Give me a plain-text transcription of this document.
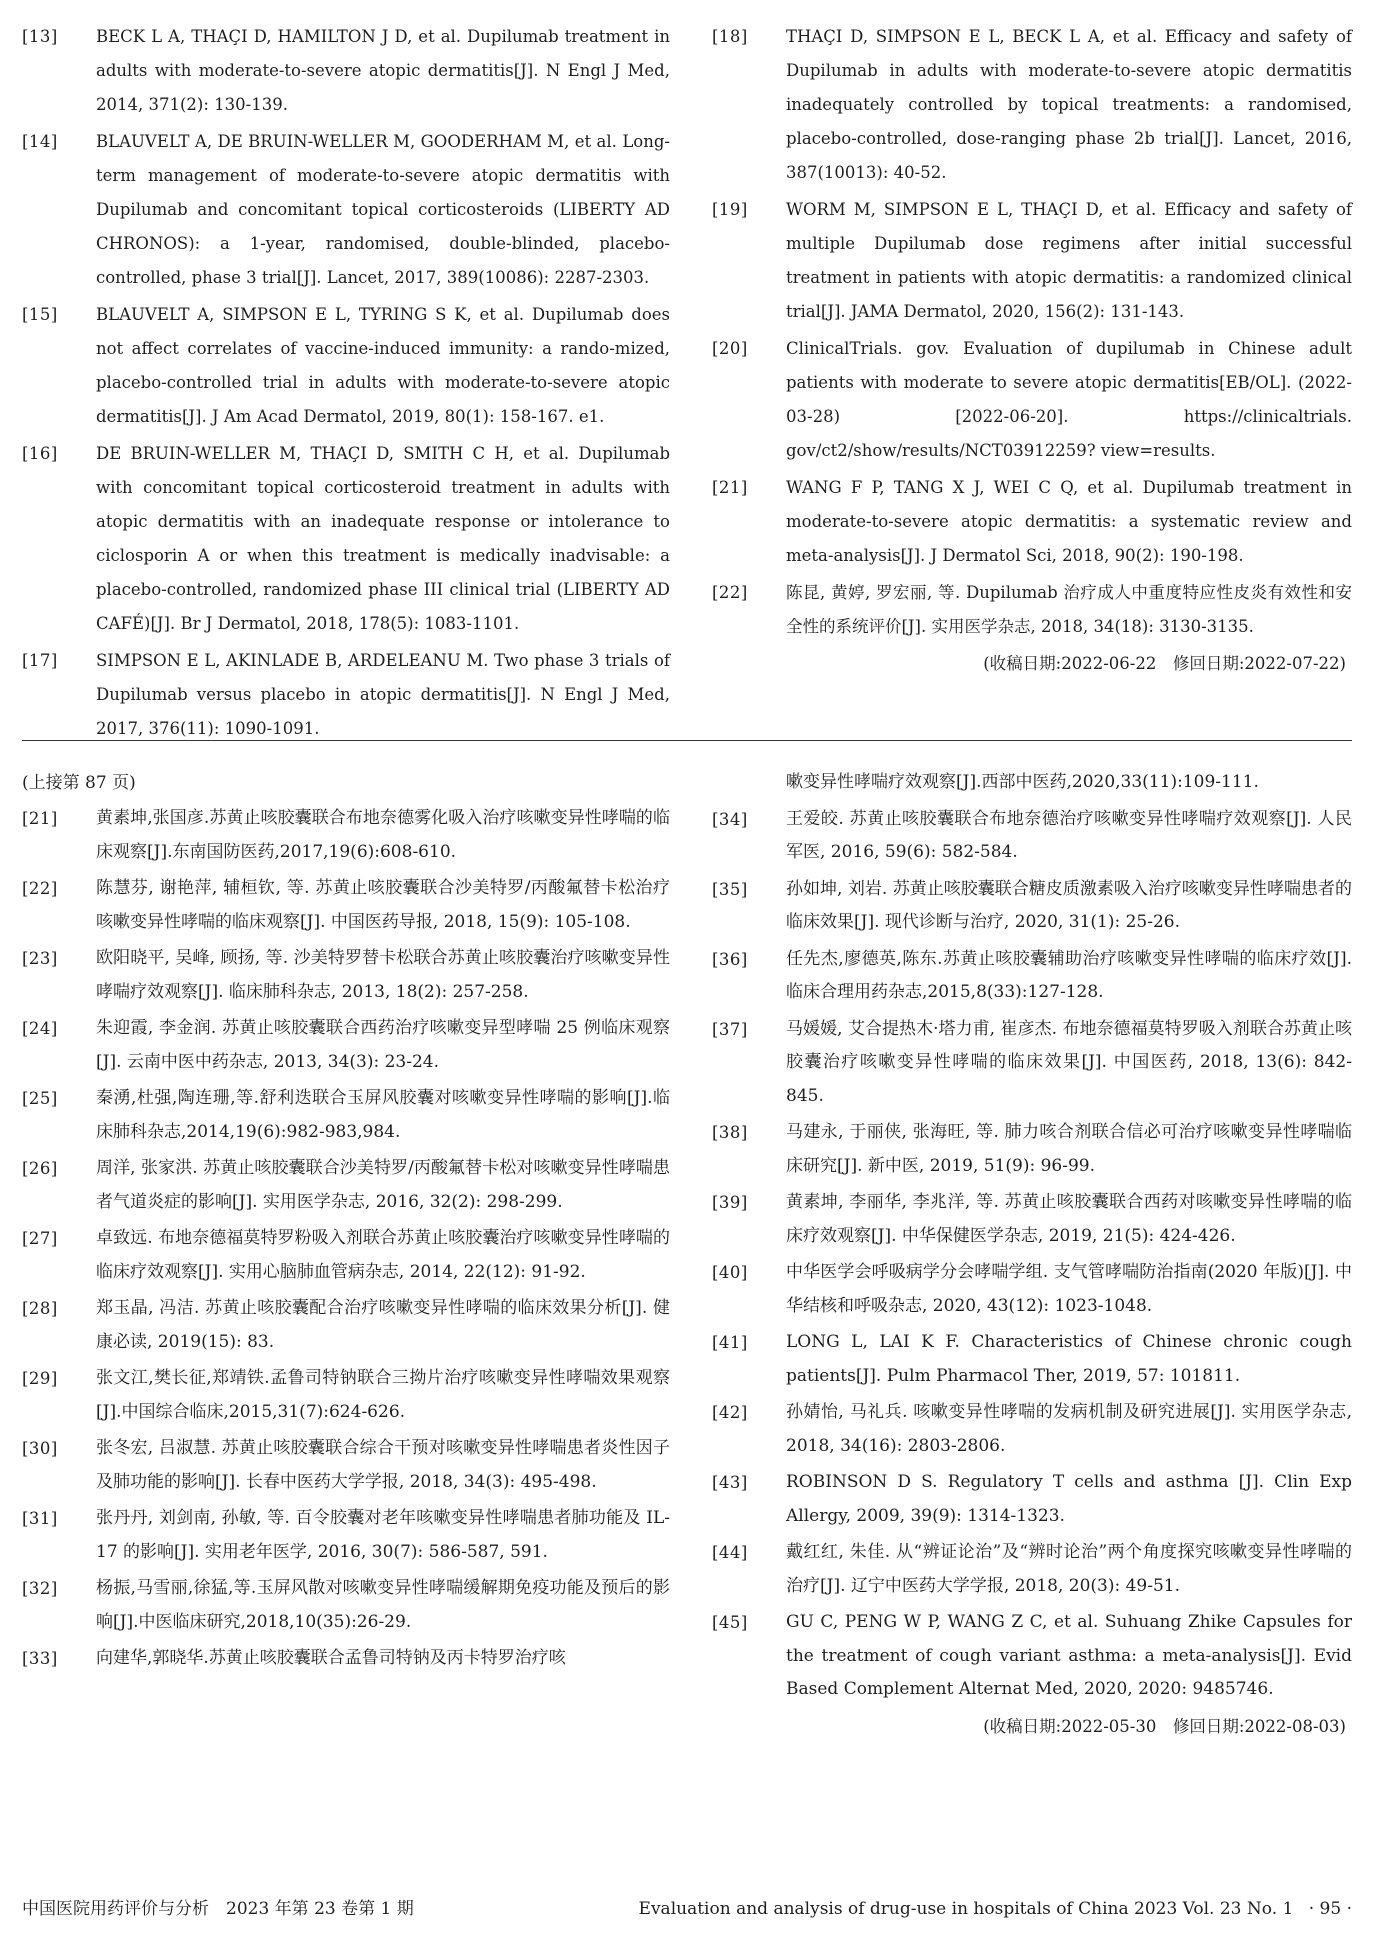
[13]	BECK L A, THAÇI D, HAMILTON J D, et al. Dupilumab treatment in adults with moderate-to-severe atopic dermatitis[J]. N Engl J Med, 2014, 371(2): 130-139.
[14]	BLAUVELT A, DE BRUIN-WELLER M, GOODERHAM M, et al. Long-term management of moderate-to-severe atopic dermatitis with Dupilumab and concomitant topical corticosteroids (LIBERTY AD CHRONOS): a 1-year, randomised, double-blinded, placebo-controlled, phase 3 trial[J]. Lancet, 2017, 389(10086): 2287-2303.
[15]	BLAUVELT A, SIMPSON E L, TYRING S K, et al. Dupilumab does not affect correlates of vaccine-induced immunity: a rando-mized, placebo-controlled trial in adults with moderate-to-severe atopic dermatitis[J]. J Am Acad Dermatol, 2019, 80(1): 158-167. e1.
[16]	DE BRUIN-WELLER M, THAÇI D, SMITH C H, et al. Dupilumab with concomitant topical corticosteroid treatment in adults with atopic dermatitis with an inadequate response or intolerance to ciclosporin A or when this treatment is medically inadvisable: a placebo-controlled, randomized phase III clinical trial (LIBERTY AD CAFÉ)[J]. Br J Dermatol, 2018, 178(5): 1083-1101.
[17]	SIMPSON E L, AKINLADE B, ARDELEANU M. Two phase 3 trials of Dupilumab versus placebo in atopic dermatitis[J]. N Engl J Med, 2017, 376(11): 1090-1091.
[18]	THAÇI D, SIMPSON E L, BECK L A, et al. Efficacy and safety of Dupilumab in adults with moderate-to-severe atopic dermatitis inadequately controlled by topical treatments: a randomised, placebo-controlled, dose-ranging phase 2b trial[J]. Lancet, 2016, 387(10013): 40-52.
[19]	WORM M, SIMPSON E L, THAÇI D, et al. Efficacy and safety of multiple Dupilumab dose regimens after initial successful treatment in patients with atopic dermatitis: a randomized clinical trial[J]. JAMA Dermatol, 2020, 156(2): 131-143.
[20]	ClinicalTrials. gov. Evaluation of dupilumab in Chinese adult patients with moderate to severe atopic dermatitis[EB/OL]. (2022-03-28) [2022-06-20]. https://clinicaltrials. gov/ct2/show/results/NCT03912259? view=results.
[21]	WANG F P, TANG X J, WEI C Q, et al. Dupilumab treatment in moderate-to-severe atopic dermatitis: a systematic review and meta-analysis[J]. J Dermatol Sci, 2018, 90(2): 190-198.
[22]	陈昆, 黄婷, 罗宏丽, 等. Dupilumab 治疗成人中重度特应性皮炎有效性和安全性的系统评价[J]. 实用医学杂志, 2018, 34(18): 3130-3135.
(收稿日期:2022-06-22　修回日期:2022-07-22)
(上接第 87 页)
[21]	黄素坤,张国彦.苏黄止咳胶囊联合布地奈德雾化吸入治疗咳嗽变异性哮喘的临床观察[J].东南国防医药,2017,19(6):608-610.
[22]	陈慧芬, 谢艳萍, 辅桓钦, 等. 苏黄止咳胶囊联合沙美特罗/丙酸氟替卡松治疗咳嗽变异性哮喘的临床观察[J]. 中国医药导报, 2018, 15(9): 105-108.
[23]	欧阳晓平, 吴峰, 顾扬, 等. 沙美特罗替卡松联合苏黄止咳胶囊治疗咳嗽变异性哮喘疗效观察[J]. 临床肺科杂志, 2013, 18(2): 257-258.
[24]	朱迎霞, 李金润. 苏黄止咳胶囊联合西药治疗咳嗽变异型哮喘 25 例临床观察[J]. 云南中医中药杂志, 2013, 34(3): 23-24.
[25]	秦湧,杜强,陶连珊,等.舒利迭联合玉屏风胶囊对咳嗽变异性哮喘的影响[J].临床肺科杂志,2014,19(6):982-983,984.
[26]	周洋, 张家洪. 苏黄止咳胶囊联合沙美特罗/丙酸氟替卡松对咳嗽变异性哮喘患者气道炎症的影响[J]. 实用医学杂志, 2016, 32(2): 298-299.
[27]	卓致远. 布地奈德福莫特罗粉吸入剂联合苏黄止咳胶囊治疗咳嗽变异性哮喘的临床疗效观察[J]. 实用心脑肺血管病杂志, 2014, 22(12): 91-92.
[28]	郑玉晶, 冯洁. 苏黄止咳胶囊配合治疗咳嗽变异性哮喘的临床效果分析[J]. 健康必读, 2019(15): 83.
[29]	张文江,樊长征,郑靖铁.孟鲁司特钠联合三拗片治疗咳嗽变异性哮喘效果观察[J].中国综合临床,2015,31(7):624-626.
[30]	张冬宏, 吕淑慧. 苏黄止咳胶囊联合综合干预对咳嗽变异性哮喘患者炎性因子及肺功能的影响[J]. 长春中医药大学学报, 2018, 34(3): 495-498.
[31]	张丹丹, 刘剑南, 孙敏, 等. 百令胶囊对老年咳嗽变异性哮喘患者肺功能及 IL-17 的影响[J]. 实用老年医学, 2016, 30(7): 586-587, 591.
[32]	杨振,马雪丽,徐猛,等.玉屏风散对咳嗽变异性哮喘缓解期免疫功能及预后的影响[J].中医临床研究,2018,10(35):26-29.
[33]	向建华,郭晓华.苏黄止咳胶囊联合孟鲁司特钠及丙卡特罗治疗咳
嗽变异性哮喘疗效观察[J].西部中医药,2020,33(11):109-111.
[34]	王爱皎. 苏黄止咳胶囊联合布地奈德治疗咳嗽变异性哮喘疗效观察[J]. 人民军医, 2016, 59(6): 582-584.
[35]	孙如坤, 刘岩. 苏黄止咳胶囊联合糖皮质激素吸入治疗咳嗽变异性哮喘患者的临床效果[J]. 现代诊断与治疗, 2020, 31(1): 25-26.
[36]	任先杰,廖德英,陈东.苏黄止咳胶囊辅助治疗咳嗽变异性哮喘的临床疗效[J].临床合理用药杂志,2015,8(33):127-128.
[37]	马媛媛, 艾合提热木·塔力甫, 崔彦杰. 布地奈德福莫特罗吸入剂联合苏黄止咳胶囊治疗咳嗽变异性哮喘的临床效果[J]. 中国医药, 2018, 13(6): 842-845.
[38]	马建永, 于丽侠, 张海旺, 等. 肺力咳合剂联合信必可治疗咳嗽变异性哮喘临床研究[J]. 新中医, 2019, 51(9): 96-99.
[39]	黄素坤, 李丽华, 李兆洋, 等. 苏黄止咳胶囊联合西药对咳嗽变异性哮喘的临床疗效观察[J]. 中华保健医学杂志, 2019, 21(5): 424-426.
[40]	中华医学会呼吸病学分会哮喘学组. 支气管哮喘防治指南(2020 年版)[J]. 中华结核和呼吸杂志, 2020, 43(12): 1023-1048.
[41]	LONG L, LAI K F. Characteristics of Chinese chronic cough patients[J]. Pulm Pharmacol Ther, 2019, 57: 101811.
[42]	孙婧怡, 马礼兵. 咳嗽变异性哮喘的发病机制及研究进展[J]. 实用医学杂志, 2018, 34(16): 2803-2806.
[43]	ROBINSON D S. Regulatory T cells and asthma [J]. Clin Exp Allergy, 2009, 39(9): 1314-1323.
[44]	戴红红, 朱佳. 从“辨证论治”及“辨时论治”两个角度探究咳嗽变异性哮喘的治疗[J]. 辽宁中医药大学学报, 2018, 20(3): 49-51.
[45]	GU C, PENG W P, WANG Z C, et al. Suhuang Zhike Capsules for the treatment of cough variant asthma: a meta-analysis[J]. Evid Based Complement Alternat Med, 2020, 2020: 9485746.
(收稿日期:2022-05-30　修回日期:2022-08-03)
中国医院用药评价与分析　2023 年第 23 卷第 1 期	Evaluation and analysis of drug-use in hospitals of China 2023 Vol. 23 No. 1 · 95 ·
